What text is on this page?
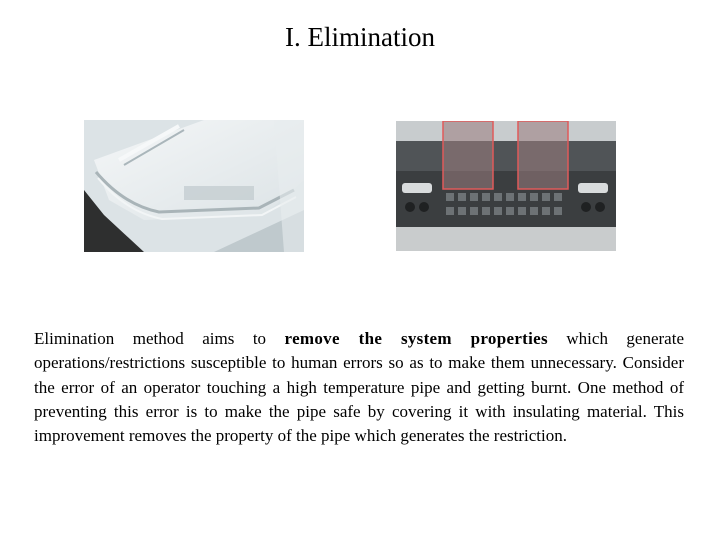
I. Elimination
Elimination method aims to remove the system properties which generate operations/restrictions susceptible to human errors so as to make them unnecessary. Consider the error of an operator touching a high temperature pipe and getting burnt. One method of preventing this error is to make the pipe safe by covering it with insulating material. This improvement removes the property of the pipe which generates the restriction.
